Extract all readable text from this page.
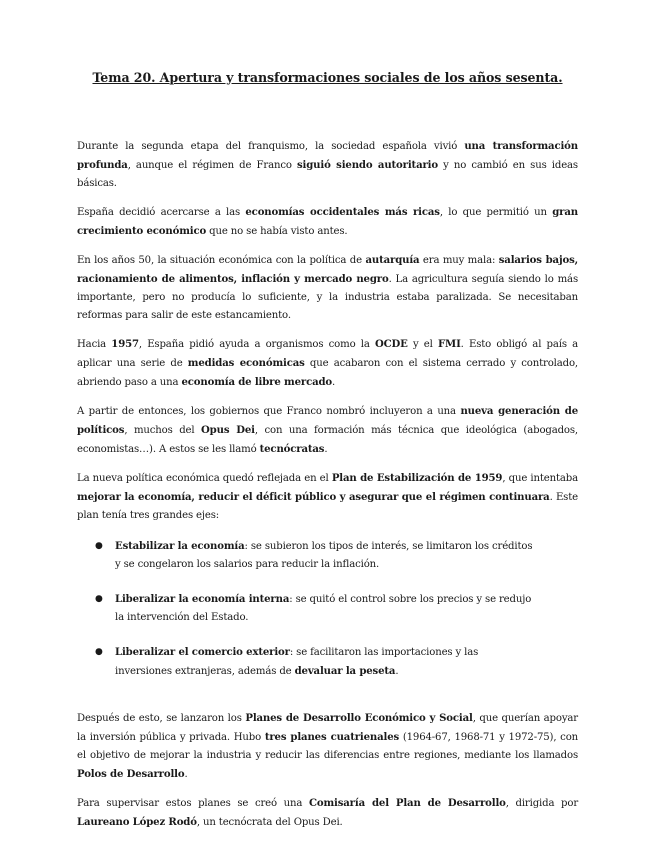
Tema 20. Apertura y transformaciones sociales de los años sesenta.

Durante la segunda etapa del franquismo, la sociedad española vivió una transformación profunda, aunque el régimen de Franco siguió siendo autoritario y no cambió en sus ideas básicas.

España decidió acercarse a las economías occidentales más ricas, lo que permitió un gran crecimiento económico que no se había visto antes.

En los años 50, la situación económica con la política de autarquía era muy mala: salarios bajos, racionamiento de alimentos, inflación y mercado negro. La agricultura seguía siendo lo más importante, pero no producía lo suficiente, y la industria estaba paralizada. Se necesitaban reformas para salir de este estancamiento.

Hacia 1957, España pidió ayuda a organismos como la OCDE y el FMI. Esto obligó al país a aplicar una serie de medidas económicas que acabaron con el sistema cerrado y controlado, abriendo paso a una economía de libre mercado.

A partir de entonces, los gobiernos que Franco nombró incluyeron a una nueva generación de políticos, muchos del Opus Dei, con una formación más técnica que ideológica (abogados, economistas…). A estos se les llamó tecnócratas.

La nueva política económica quedó reflejada en el Plan de Estabilización de 1959, que intentaba mejorar la economía, reducir el déficit público y asegurar que el régimen continuara. Este plan tenía tres grandes ejes:

● Estabilizar la economía: se subieron los tipos de interés, se limitaron los créditos y se congelaron los salarios para reducir la inflación.
● Liberalizar la economía interna: se quitó el control sobre los precios y se redujo la intervención del Estado.
● Liberalizar el comercio exterior: se facilitaron las importaciones y las inversiones extranjeras, además de devaluar la peseta.

Después de esto, se lanzaron los Planes de Desarrollo Económico y Social, que querían apoyar la inversión pública y privada. Hubo tres planes cuatrienales (1964-67, 1968-71 y 1972-75), con el objetivo de mejorar la industria y reducir las diferencias entre regiones, mediante los llamados Polos de Desarrollo.

Para supervisar estos planes se creó una Comisaría del Plan de Desarrollo, dirigida por Laureano López Rodó, un tecnócrata del Opus Dei.
